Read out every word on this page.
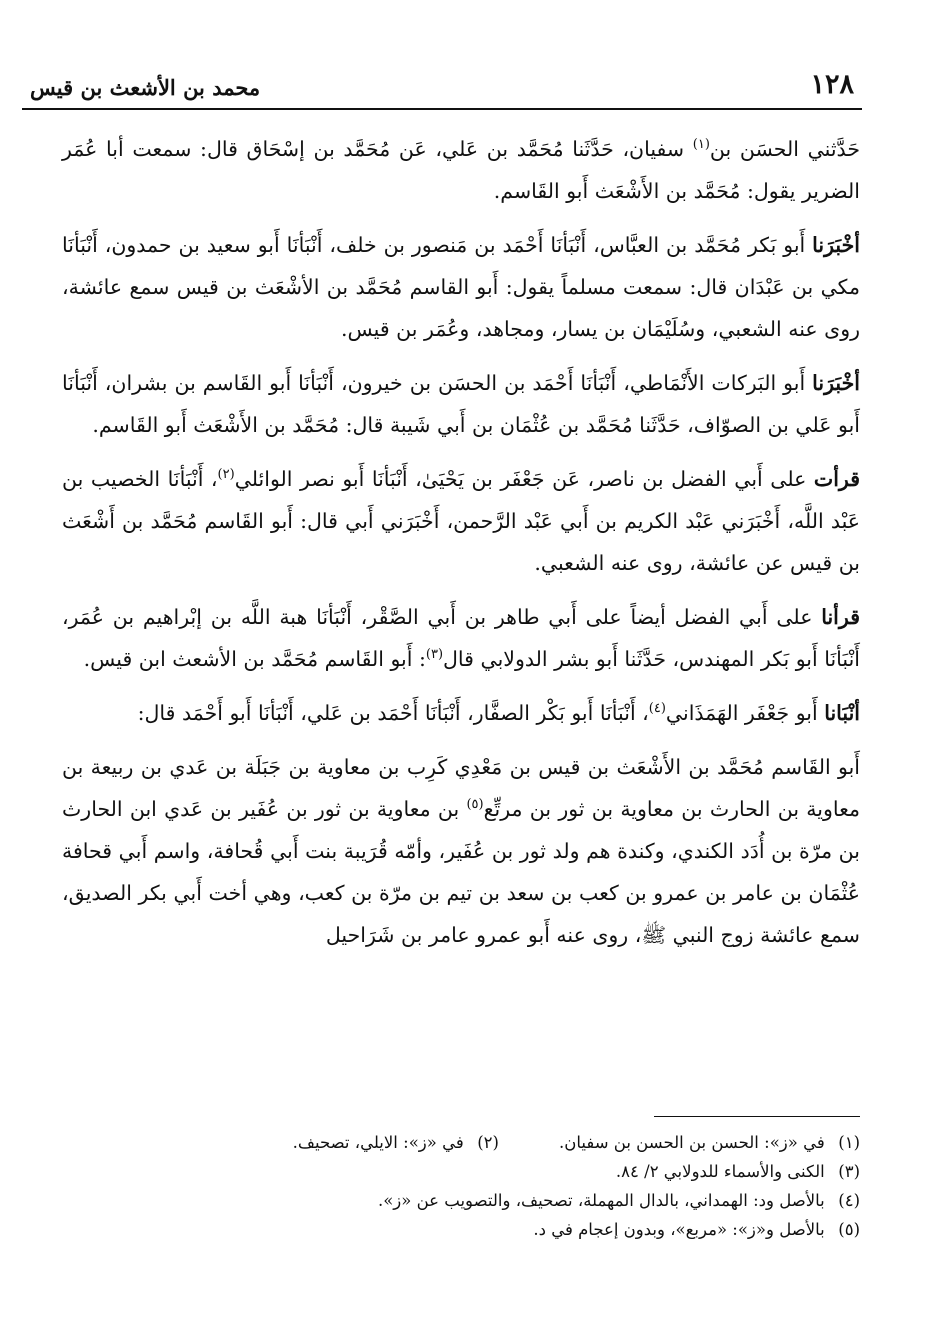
١٢٨
محمد بن الأشعث بن قيس

حَدَّثني الحسَن بن$^{(١)}$ سفيان، حَدَّثَنا مُحَمَّد بن عَلي، عَن مُحَمَّد بن إسْحَاق قال: سمعت أبا عُمَر الضرير يقول: مُحَمَّد بن الأَشْعَث أَبو القَاسم.

أخْبَرَنا أَبو بَكر مُحَمَّد بن العبَّاس، أَنْبَأنَا أَحْمَد بن مَنصور بن خلف، أَنْبَأنَا أَبو سعيد بن حمدون، أَنْبَأنَا مكي بن عَبْدَان قال: سمعت مسلماً يقول: أَبو القاسم مُحَمَّد بن الأشْعَث بن قيس سمع عائشة، روى عنه الشعبي، وسُلَيْمَان بن يسار، ومجاهد، وعُمَر بن قيس.

أخْبَرَنا أَبو البَركات الأَنْمَاطي، أَنْبَأنَا أَحْمَد بن الحسَن بن خيرون، أَنْبَأنَا أَبو القَاسم بن بشران، أَنْبَأنَا أَبو عَلي بن الصوّاف، حَدَّثَنا مُحَمَّد بن عُثْمَان بن أَبي شَيبة قال: مُحَمَّد بن الأَشْعَث أَبو القَاسم.

قرأت على أَبي الفضل بن ناصر، عَن جَعْفَر بن يَحْيَىٰ، أَنْبَأنَا أَبو نصر الوائلي$^{(٢)}$، أَنْبَأنَا الخصيب بن عَبْد اللَّه، أَخْبَرَني عَبْد الكريم بن أَبي عَبْد الرَّحمن، أَخْبَرَني أَبي قال: أَبو القَاسم مُحَمَّد بن أَشْعَث بن قيس عن عائشة، روى عنه الشعبي.

قرأنا على أَبي الفضل أيضاً على أَبي طاهر بن أَبي الصَّقْر، أَنْبَأنَا هبة اللَّه بن إبْراهيم بن عُمَر، أَنْبَأنَا أَبو بَكر المهندس، حَدَّثَنا أَبو بشر الدولابي قال$^{(٣)}$: أَبو القَاسم مُحَمَّد بن الأشعث ابن قيس.

أنْبَانا أَبو جَعْفَر الهَمَذَاني$^{(٤)}$، أَنْبَأنَا أَبو بَكْر الصفَّار، أَنْبَأنَا أَحْمَد بن عَلي، أَنْبَأنَا أَبو أَحْمَد قال:

أَبو القَاسم مُحَمَّد بن الأَشْعَث بن قيس بن مَعْدِي كَرِب بن معاوية بن جَبَلَة بن عَدي بن ربيعة بن معاوية بن الحارث بن معاوية بن ثور بن مرتِّع$^{(٥)}$ بن معاوية بن ثور بن عُفَير بن عَدي ابن الحارث بن مرّة بن أُدَد الكندي، وكندة هم ولد ثور بن عُفَير، وأمّه قُرَيبة بنت أَبي قُحافة، واسم أَبي قحافة عُثْمَان بن عامر بن عمرو بن كعب بن سعد بن تيم بن مرّة بن كعب، وهي أخت أَبي بكر الصديق، سمع عائشة زوج النبي ﷺ، روى عنه أَبو عمرو عامر بن شَرَاحيل

(١) في «ز»: الحسن بن الحسن بن سفيان.
(٢) في «ز»: الايلي، تصحيف.
(٣) الكنى والأسماء للدولابي ٢/ ٨٤.
(٤) بالأصل ود: الهمداني، بالدال المهملة، تصحيف، والتصويب عن «ز».
(٥) بالأصل و«ز»: «مربع»، وبدون إعجام في د.
